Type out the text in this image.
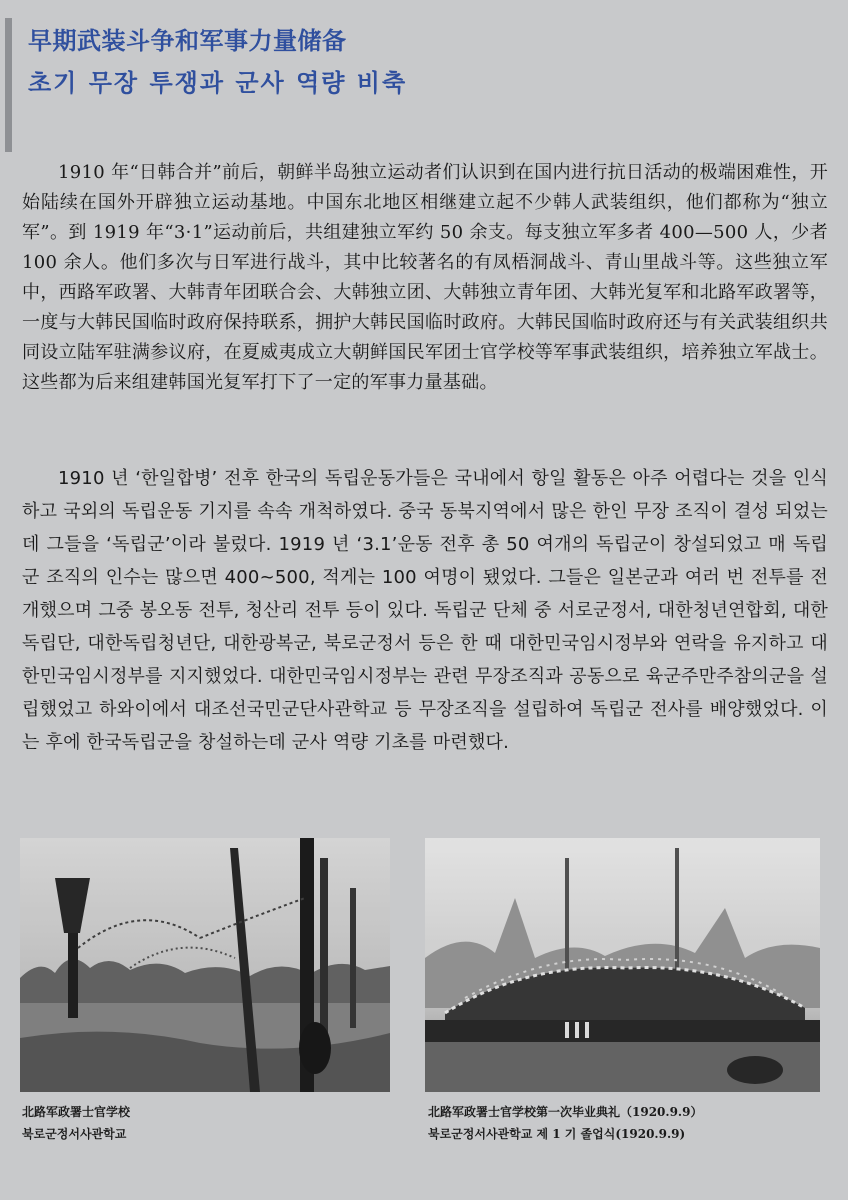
早期武装斗争和军事力量储备
초기 무장 투쟁과 군사 역량 비축

1910 年“日韩合并”前后，朝鲜半岛独立运动者们认识到在国内进行抗日活动的极端困难性，开始陆续在国外开辟独立运动基地。中国东北地区相继建立起不少韩人武装组织，他们都称为“独立军”。到 1919 年“3·1”运动前后，共组建独立军约 50 余支。每支独立军多者 400—500 人，少者 100 余人。他们多次与日军进行战斗，其中比较著名的有凤梧洞战斗、青山里战斗等。这些独立军中，西路军政署、大韩青年团联合会、大韩独立团、大韩独立青年团、大韩光复军和北路军政署等，一度与大韩民国临时政府保持联系，拥护大韩民国临时政府。大韩民国临时政府还与有关武装组织共同设立陆军驻满参议府，在夏威夷成立大朝鲜国民军团士官学校等军事武装组织，培养独立军战士。这些都为后来组建韩国光复军打下了一定的军事力量基础。

1910 년 ‘한일합병’ 전후 한국의 독립운동가들은 국내에서 항일 활동은 아주 어렵다는 것을 인식하고 국외의 독립운동 기지를 속속 개척하였다. 중국 동북지역에서 많은 한인 무장 조직이 결성 되었는데 그들을 ‘독립군’이라 불렀다. 1919 년 ‘3.1’운동 전후 총 50 여개의 독립군이 창설되었고 매 독립군 조직의 인수는 많으면 400~500, 적게는 100 여명이 됐었다. 그들은 일본군과 여러 번 전투를 전개했으며 그중 봉오동 전투, 청산리 전투 등이 있다. 독립군 단체 중 서로군정서, 대한청년연합회, 대한독립단, 대한독립청년단, 대한광복군, 북로군정서 등은 한 때 대한민국임시정부와 연락을 유지하고 대한민국임시정부를 지지했었다. 대한민국임시정부는 관련 무장조직과 공동으로 육군주만주참의군을 설립했었고 하와이에서 대조선국민군단사관학교 등 무장조직을 설립하여 독립군 전사를 배양했었다. 이는 후에 한국독립군을 창설하는데 군사 역량 기초를 마련했다.

北路军政署士官学校
북로군정서사관학교
北路军政署士官学校第一次毕业典礼（1920.9.9）
북로군정서사관학교 제 1 기 졸업식(1920.9.9)
